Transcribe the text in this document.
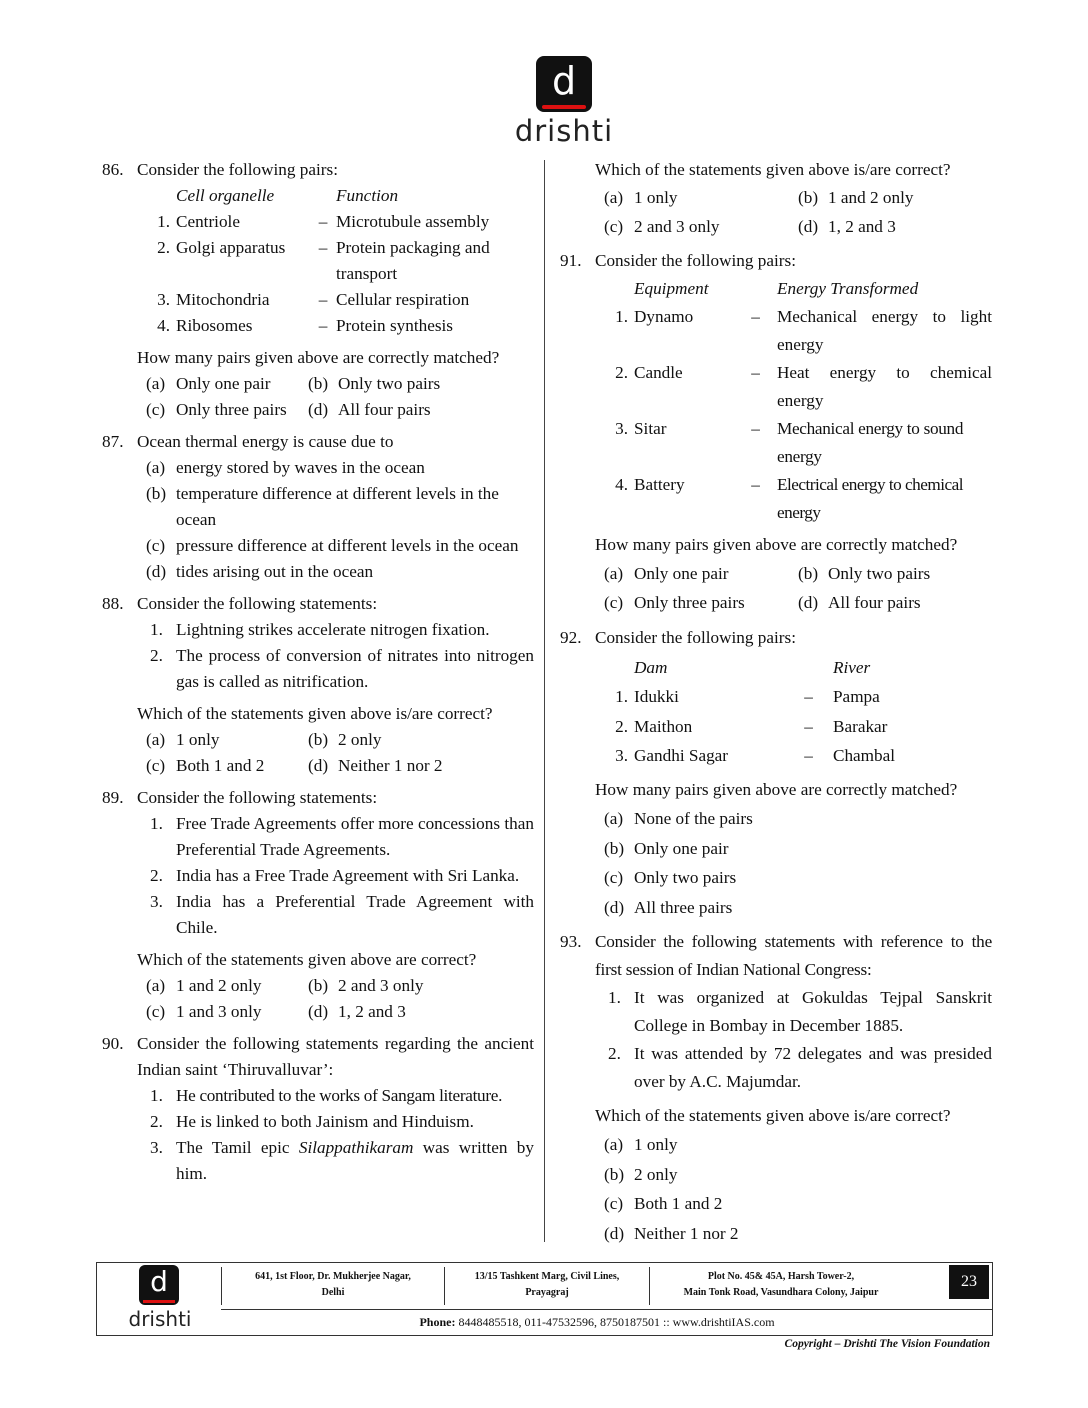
d
drishti
86. Consider the following pairs:
Cell organelle	Function
1. Centriole	– Microtubule assembly
2. Golgi apparatus	– Protein packaging and transport
3. Mitochondria	– Cellular respiration
4. Ribosomes	– Protein synthesis
How many pairs given above are correctly matched?
(a) Only one pair (b) Only two pairs
(c) Only three pairs (d) All four pairs
87. Ocean thermal energy is cause due to
(a) energy stored by waves in the ocean
(b) temperature difference at different levels in the ocean
(c) pressure difference at different levels in the ocean
(d) tides arising out in the ocean
88. Consider the following statements:
1. Lightning strikes accelerate nitrogen fixation.
2. The process of conversion of nitrates into nitrogen gas is called as nitrification.
Which of the statements given above is/are correct?
(a) 1 only	(b) 2 only
(c) Both 1 and 2	(d) Neither 1 nor 2
89. Consider the following statements:
1. Free Trade Agreements offer more concessions than Preferential Trade Agreements.
2. India has a Free Trade Agreement with Sri Lanka.
3. India has a Preferential Trade Agreement with Chile.
Which of the statements given above are correct?
(a) 1 and 2 only	(b) 2 and 3 only
(c) 1 and 3 only	(d) 1, 2 and 3
90. Consider the following statements regarding the ancient Indian saint ‘Thiruvalluvar’:
1. He contributed to the works of Sangam literature.
2. He is linked to both Jainism and Hinduism.
3. The Tamil epic Silappathikaram was written by him.
Which of the statements given above is/are correct?
(a) 1 only	(b) 1 and 2 only
(c) 2 and 3 only	(d) 1, 2 and 3
91. Consider the following pairs:
Equipment	Energy Transformed
1. Dynamo	–	Mechanical energy to light energy
2. Candle	–	Heat energy to chemical energy
3. Sitar	–	Mechanical energy to sound energy
4. Battery	–	Electrical energy to chemical energy
How many pairs given above are correctly matched?
(a) Only one pair	(b) Only two pairs
(c) Only three pairs	(d) All four pairs
92. Consider the following pairs:
Dam	River
1. Idukki	–	Pampa
2. Maithon	–	Barakar
3. Gandhi Sagar	–	Chambal
How many pairs given above are correctly matched?
(a) None of the pairs
(b) Only one pair
(c) Only two pairs
(d) All three pairs
93. Consider the following statements with reference to the first session of Indian National Congress:
1. It was organized at Gokuldas Tejpal Sanskrit College in Bombay in December 1885.
2. It was attended by 72 delegates and was presided over by A.C. Majumdar.
Which of the statements given above is/are correct?
(a) 1 only
(b) 2 only
(c) Both 1 and 2
(d) Neither 1 nor 2
d
drishti
641, 1st Floor, Dr. Mukherjee Nagar,
Delhi
13/15 Tashkent Marg, Civil Lines,
Prayagraj
Plot No. 45& 45A, Harsh Tower-2,
Main Tonk Road, Vasundhara Colony, Jaipur
23
Phone: 8448485518, 011-47532596, 8750187501 :: www.drishtiIAS.com
Copyright – Drishti The Vision Foundation
